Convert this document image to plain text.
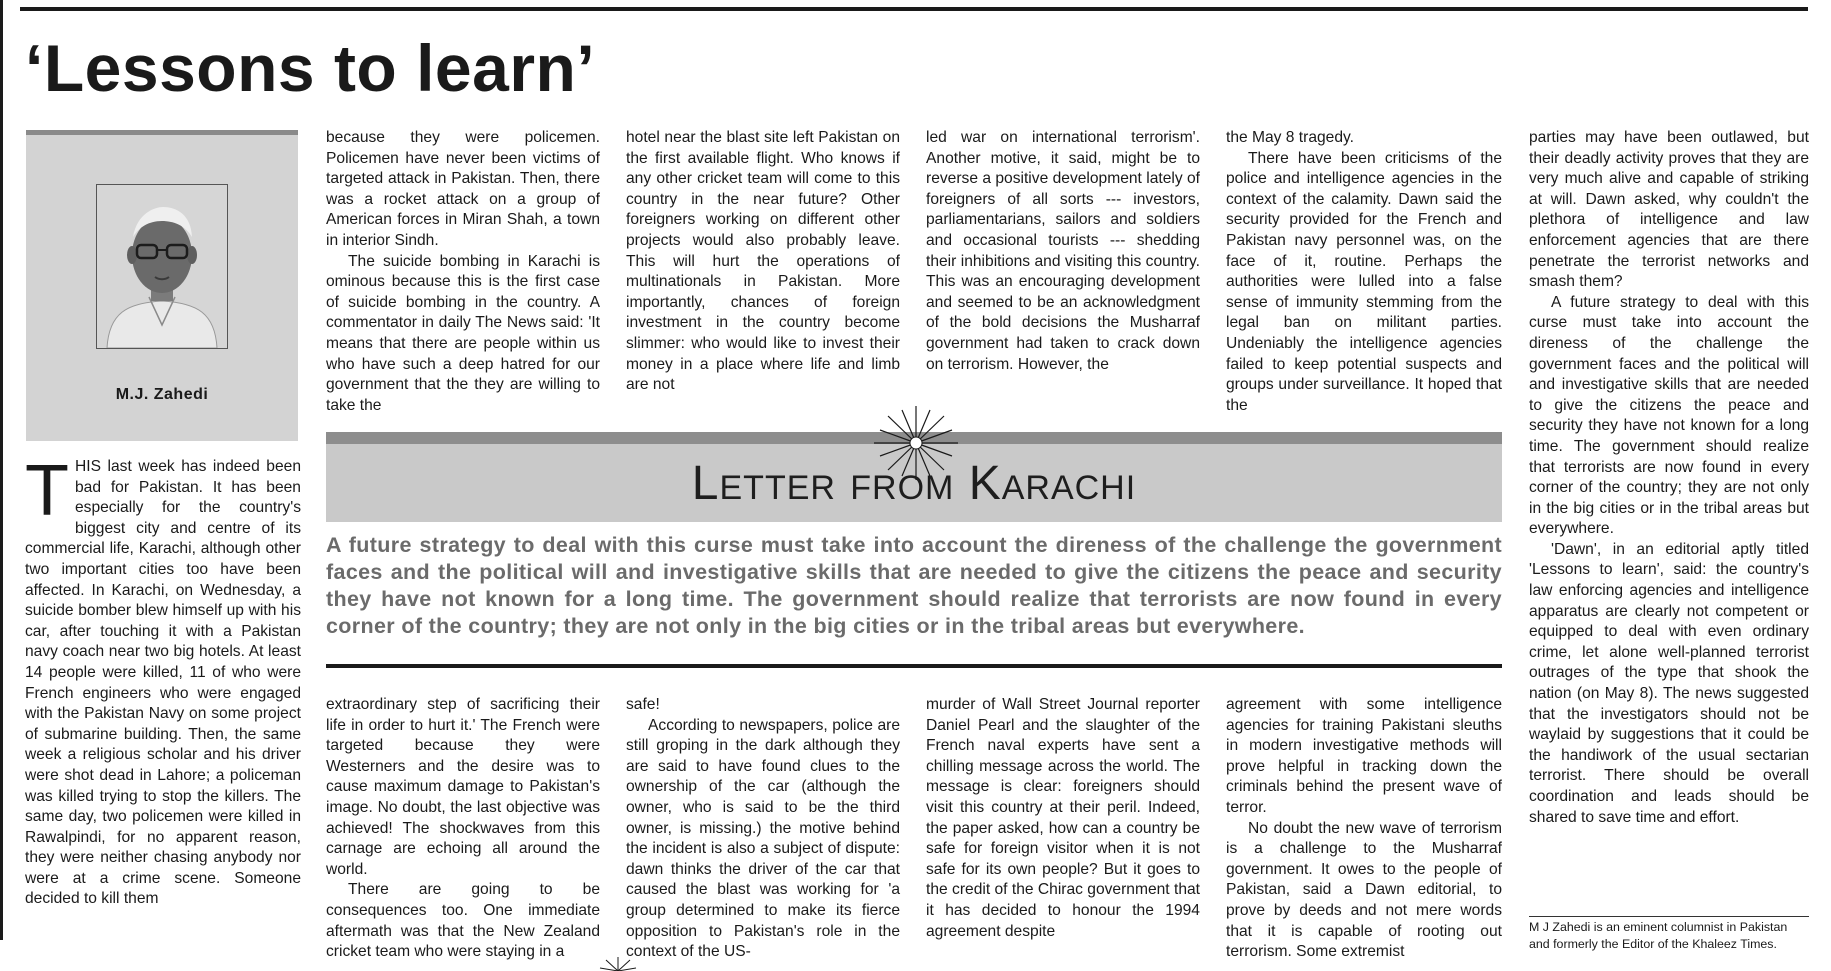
‘Lessons to learn’
M.J. Zahedi
T HIS last week has indeed been bad for Pakistan. It has been especially for the country's biggest city and centre of its commercial life, Karachi, although other two important cities too have been affected. In Karachi, on Wednesday, a suicide bomber blew himself up with his car, after touching it with a Pakistan navy coach near two big hotels. At least 14 people were killed, 11 of who were French engineers who were engaged with the Pakistan Navy on some project of submarine building. Then, the same week a religious scholar and his driver were shot dead in Lahore; a policeman was killed trying to stop the killers. The same day, two policemen were killed in Rawalpindi, for no apparent reason, they were neither chasing anybody nor were at a crime scene. Someone decided to kill them

because they were policemen. Policemen have never been victims of targeted attack in Pakistan. Then, there was a rocket attack on a group of American forces in Miran Shah, a town in interior Sindh.

The suicide bombing in Karachi is ominous because this is the first case of suicide bombing in the country. A commentator in daily The News said: 'It means that there are people within us who have such a deep hatred for our government that the they are willing to take the

hotel near the blast site left Pakistan on the first available flight. Who knows if any other cricket team will come to this country in the near future? Other foreigners working on different other projects would also probably leave. This will hurt the operations of multinationals in Pakistan. More importantly, chances of foreign investment in the country become slimmer: who would like to invest their money in a place where life and limb are not

led war on international terrorism'. Another motive, it said, might be to reverse a positive development lately of foreigners of all sorts --- investors, parliamentarians, sailors and soldiers and occasional tourists --- shedding their inhibitions and visiting this country. This was an encouraging development and seemed to be an acknowledgment of the bold decisions the Musharraf government had taken to crack down on terrorism. However, the

the May 8 tragedy.

There have been criticisms of the police and intelligence agencies in the context of the calamity. Dawn said the security provided for the French and Pakistan navy personnel was, on the face of it, routine. Perhaps the authorities were lulled into a false sense of immunity stemming from the legal ban on militant parties. Undeniably the intelligence agencies failed to keep potential suspects and groups under surveillance. It hoped that the

Letter from Karachi

A future strategy to deal with this curse must take into account the direness of the challenge the government faces and the political will and investigative skills that are needed to give the citizens the peace and security they have not known for a long time. The government should realize that terrorists are now found in every corner of the country; they are not only in the big cities or in the tribal areas but everywhere.

extraordinary step of sacrificing their life in order to hurt it.' The French were targeted because they were Westerners and the desire was to cause maximum damage to Pakistan's image. No doubt, the last objective was achieved! The shockwaves from this carnage are echoing all around the world.

There are going to be consequences too. One immediate aftermath was that the New Zealand cricket team who were staying in a

safe!

According to newspapers, police are still groping in the dark although they are said to have found clues to the ownership of the car (although the owner, who is said to be the third owner, is missing.) the motive behind the incident is also a subject of dispute: dawn thinks the driver of the car that caused the blast was working for 'a group determined to make its fierce opposition to Pakistan's role in the context of the US-

murder of Wall Street Journal reporter Daniel Pearl and the slaughter of the French naval experts have sent a chilling message across the world. The message is clear: foreigners should visit this country at their peril. Indeed, the paper asked, how can a country be safe for foreign visitor when it is not safe for its own people? But it goes to the credit of the Chirac government that it has decided to honour the 1994 agreement despite

agreement with some intelligence agencies for training Pakistani sleuths in modern investigative methods will prove helpful in tracking down the criminals behind the present wave of terror.

No doubt the new wave of terrorism is a challenge to the Musharraf government. It owes to the people of Pakistan, said a Dawn editorial, to prove by deeds and not mere words that it is capable of rooting out terrorism. Some extremist

parties may have been outlawed, but their deadly activity proves that they are very much alive and capable of striking at will. Dawn asked, why couldn't the plethora of intelligence and law enforcement agencies that are there penetrate the terrorist networks and smash them?

A future strategy to deal with this curse must take into account the direness of the challenge the government faces and the political will and investigative skills that are needed to give the citizens the peace and security they have not known for a long time. The government should realize that terrorists are now found in every corner of the country; they are not only in the big cities or in the tribal areas but everywhere.

'Dawn', in an editorial aptly titled 'Lessons to learn', said: the country's law enforcing agencies and intelligence apparatus are clearly not competent or equipped to deal with even ordinary crime, let alone well-planned terrorist outrages of the type that shook the nation (on May 8). The news suggested that the investigators should not be waylaid by suggestions that it could be the handiwork of the usual sectarian terrorist. There should be overall coordination and leads should be shared to save time and effort.

M J Zahedi is an eminent columnist in Pakistan and formerly the Editor of the Khaleez Times.
